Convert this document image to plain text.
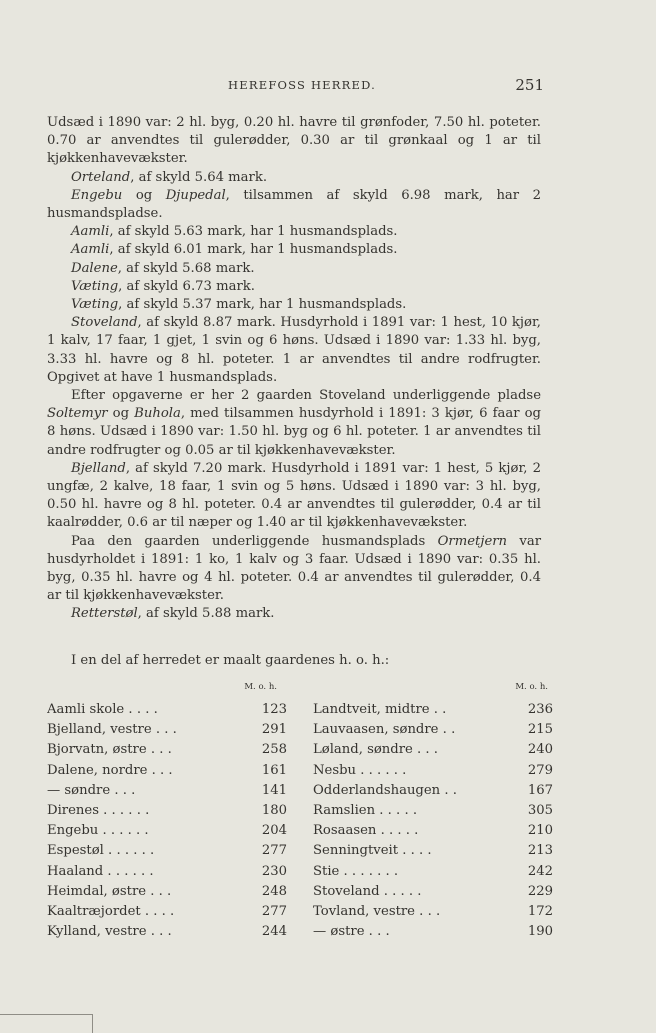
HEREFOSS HERRED.	251

Udsæd i 1890 var: 2 hl. byg, 0.20 hl. havre til grønfoder, 7.50 hl. poteter. 0.70 ar anvendtes til gulerødder, 0.30 ar til grønkaal og 1 ar til kjøkkenhavevækster.

Orteland, af skyld 5.64 mark.

Engebu og Djupedal, tilsammen af skyld 6.98 mark, har 2 husmandspladse.

Aamli, af skyld 5.63 mark, har 1 husmandsplads.

Aamli, af skyld 6.01 mark, har 1 husmandsplads.

Dalene, af skyld 5.68 mark.

Væting, af skyld 6.73 mark.

Væting, af skyld 5.37 mark, har 1 husmandsplads.

Stoveland, af skyld 8.87 mark. Husdyrhold i 1891 var: 1 hest, 10 kjør, 1 kalv, 17 faar, 1 gjet, 1 svin og 6 høns. Udsæd i 1890 var: 1.33 hl. byg, 3.33 hl. havre og 8 hl. poteter. 1 ar anvendtes til andre rodfrugter. Opgivet at have 1 husmandsplads.

Efter opgaverne er her 2 gaarden Stoveland underliggende pladse Soltemyr og Buhola, med tilsammen husdyrhold i 1891: 3 kjør, 6 faar og 8 høns. Udsæd i 1890 var: 1.50 hl. byg og 6 hl. poteter. 1 ar anvendtes til andre rodfrugter og 0.05 ar til kjøkkenhavevækster.

Bjelland, af skyld 7.20 mark. Husdyrhold i 1891 var: 1 hest, 5 kjør, 2 ungfæ, 2 kalve, 18 faar, 1 svin og 5 høns. Udsæd i 1890 var: 3 hl. byg, 0.50 hl. havre og 8 hl. poteter. 0.4 ar anvendtes til gulerødder, 0.4 ar til kaalrødder, 0.6 ar til næper og 1.40 ar til kjøkkenhavevækster.

Paa den gaarden underliggende husmandsplads Ormetjern var husdyrholdet i 1891: 1 ko, 1 kalv og 3 faar. Udsæd i 1890 var: 0.35 hl. byg, 0.35 hl. havre og 4 hl. poteter. 0.4 ar anvendtes til gulerødder, 0.4 ar til kjøkkenhavevækster.

Retterstøl, af skyld 5.88 mark.

I en del af herredet er maalt gaardenes h. o. h.:
M. o. h.
Aamli skole . . . .	123
Bjelland, vestre . . .	291
Bjorvatn, østre . . .	258
Dalene, nordre . . .	161
— søndre . . .	141
Direnes . . . . . .	180
Engebu . . . . . .	204
Espestøl . . . . . .	277
Haaland . . . . . .	230
Heimdal, østre . . .	248
Kaaltræjordet . . . .	277
Kylland, vestre . . .	244
M. o. h.
Landtveit, midtre . .	236
Lauvaasen, søndre . .	215
Løland, søndre . . .	240
Nesbu . . . . . .	279
Odderlandshaugen . .	167
Ramslien . . . . .	305
Rosaasen . . . . .	210
Senningtveit . . . .	213
Stie . . . . . . .	242
Stoveland . . . . .	229
Tovland, vestre . . .	172
— østre . . .	190
